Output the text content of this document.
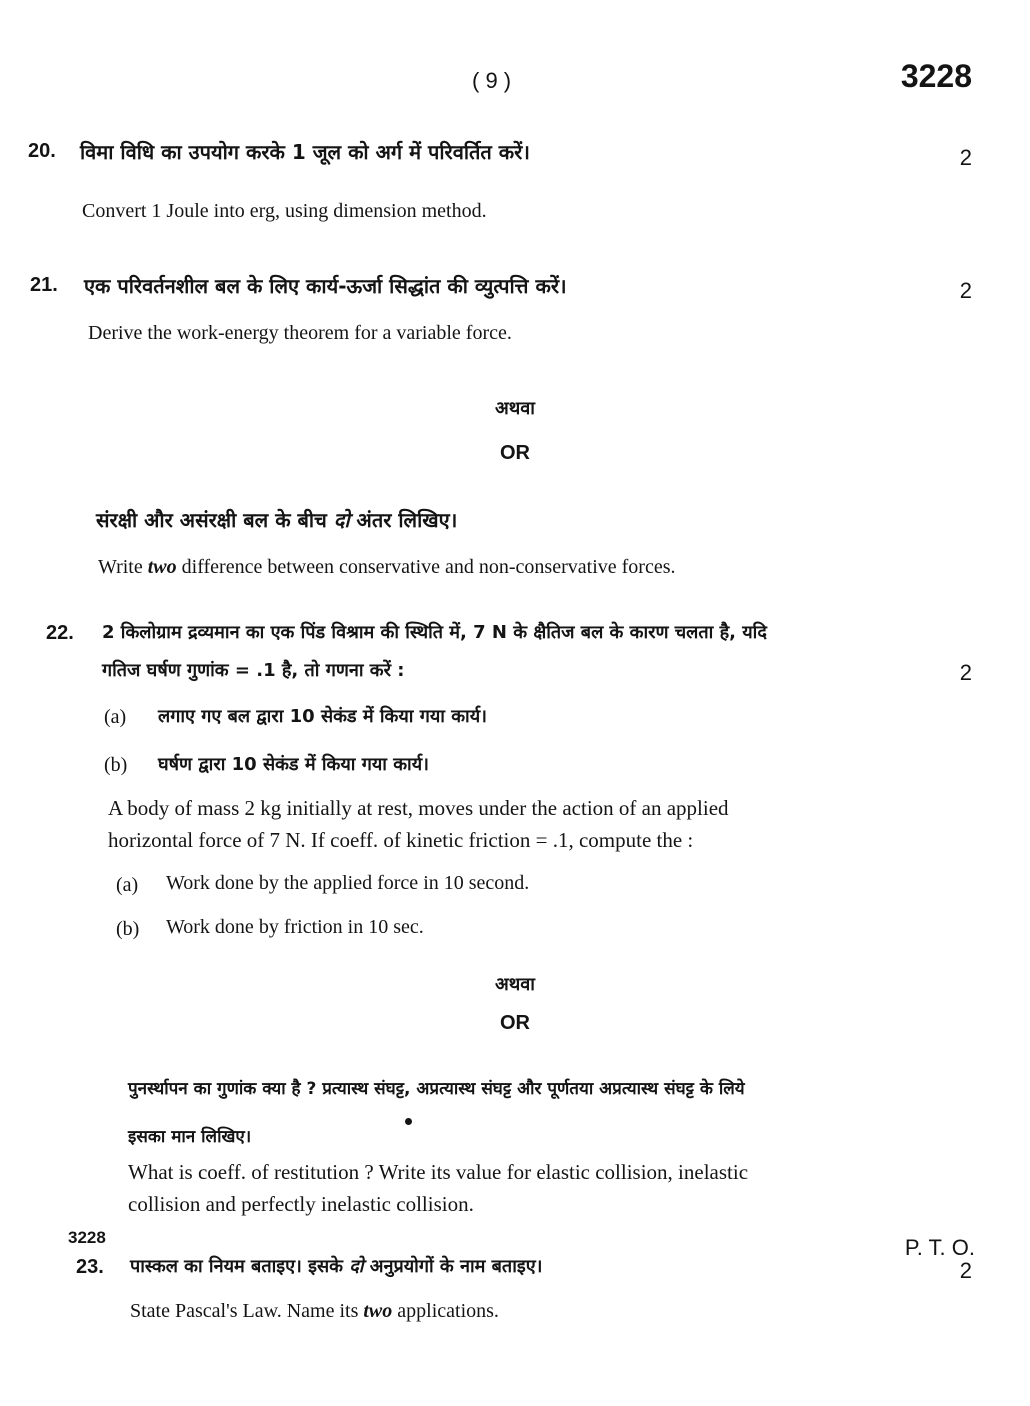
( 9 )	3228
20. विमा विधि का उपयोग करके 1 जूल को अर्ग में परिवर्तित करें।	2
Convert 1 Joule into erg, using dimension method.
21. एक परिवर्तनशील बल के लिए कार्य-ऊर्जा सिद्धांत की व्युत्पत्ति करें।	2
Derive the work-energy theorem for a variable force.
अथवा
OR
संरक्षी और असंरक्षी बल के बीच दो अंतर लिखिए।
Write two difference between conservative and non-conservative forces.
22. 2 किलोग्राम द्रव्यमान का एक पिंड विश्राम की स्थिति में, 7 N के क्षैतिज बल के कारण चलता है, यदि
गतिज घर्षण गुणांक = .1 है, तो गणना करें :	2
(a) लगाए गए बल द्वारा 10 सेकंड में किया गया कार्य।
(b) घर्षण द्वारा 10 सेकंड में किया गया कार्य।
A body of mass 2 kg initially at rest, moves under the action of an applied
horizontal force of 7 N. If coeff. of kinetic friction = .1, compute the :
(a) Work done by the applied force in 10 second.
(b) Work done by friction in 10 sec.
अथवा
OR
पुनर्स्थापन का गुणांक क्या है ? प्रत्यास्थ संघट्ट, अप्रत्यास्थ संघट्ट और पूर्णतया अप्रत्यास्थ संघट्ट के लिये
इसका मान लिखिए।
What is coeff. of restitution ? Write its value for elastic collision, inelastic
collision and perfectly inelastic collision.
23. पास्कल का नियम बताइए। इसके दो अनुप्रयोगों के नाम बताइए।	2
State Pascal's Law. Name its two applications.
3228	P. T. O.
